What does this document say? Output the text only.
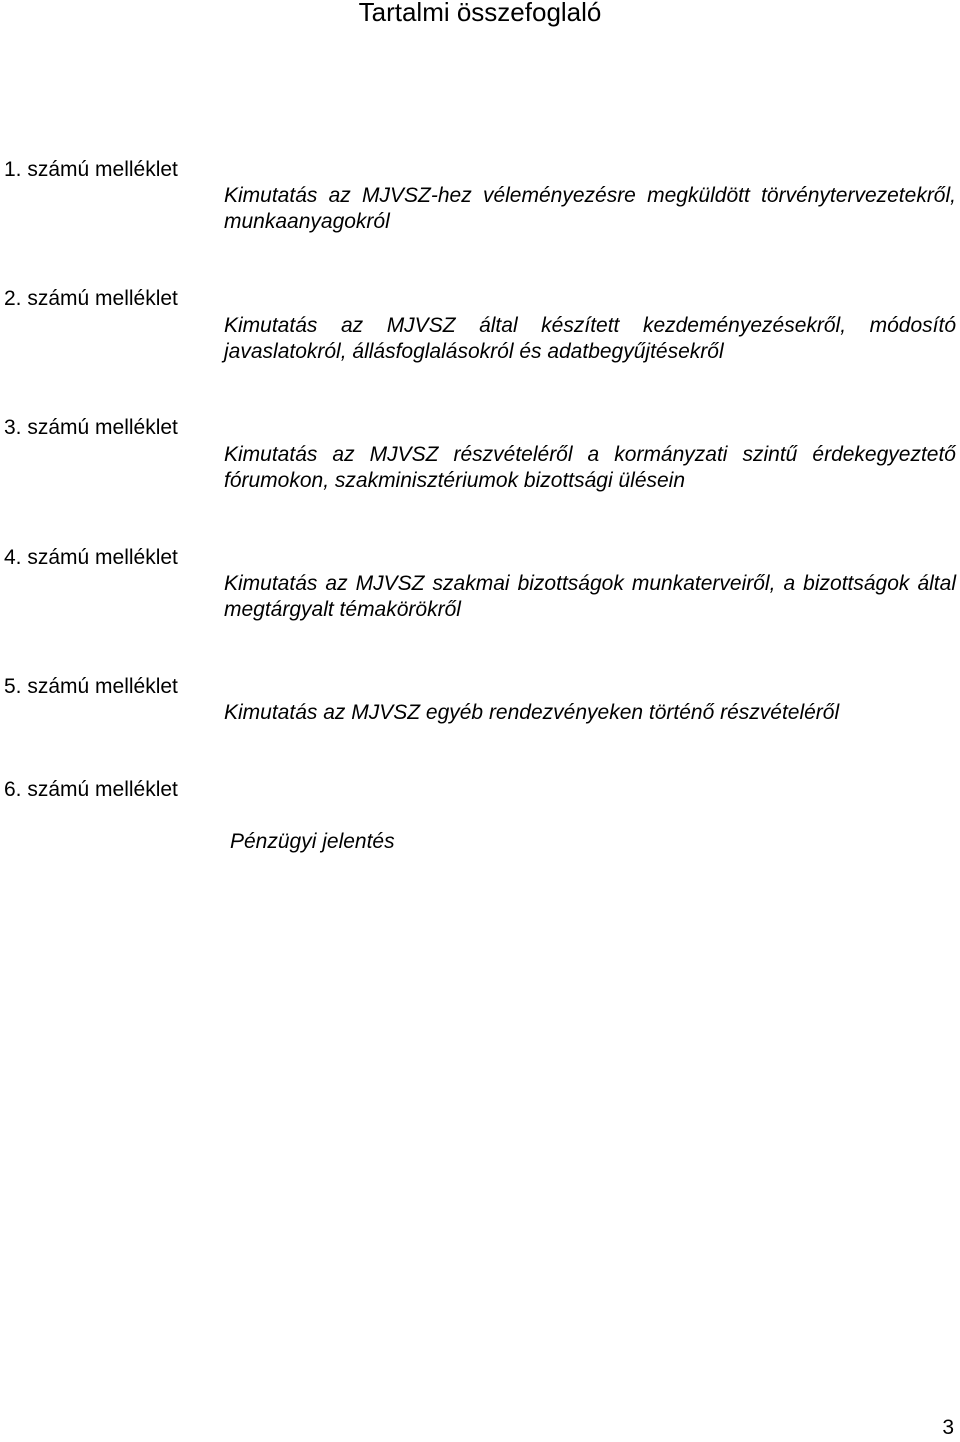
Tartalmi összefoglaló
1. számú melléklet
Kimutatás az MJVSZ-hez véleményezésre megküldött törvénytervezetekről, munkaanyagokról
2. számú melléklet
Kimutatás az MJVSZ által készített kezdeményezésekről, módosító javaslatokról, állásfoglalásokról és adatbegyűjtésekről
3. számú melléklet
Kimutatás az MJVSZ részvételéről a kormányzati szintű érdekegyeztető fórumokon, szakminisztériumok bizottsági ülésein
4. számú melléklet
Kimutatás az MJVSZ szakmai bizottságok munkaterveiről, a bizottságok által megtárgyalt témakörökről
5. számú melléklet
Kimutatás az MJVSZ egyéb rendezvényeken történő részvételéről
6. számú melléklet
Pénzügyi jelentés
3
